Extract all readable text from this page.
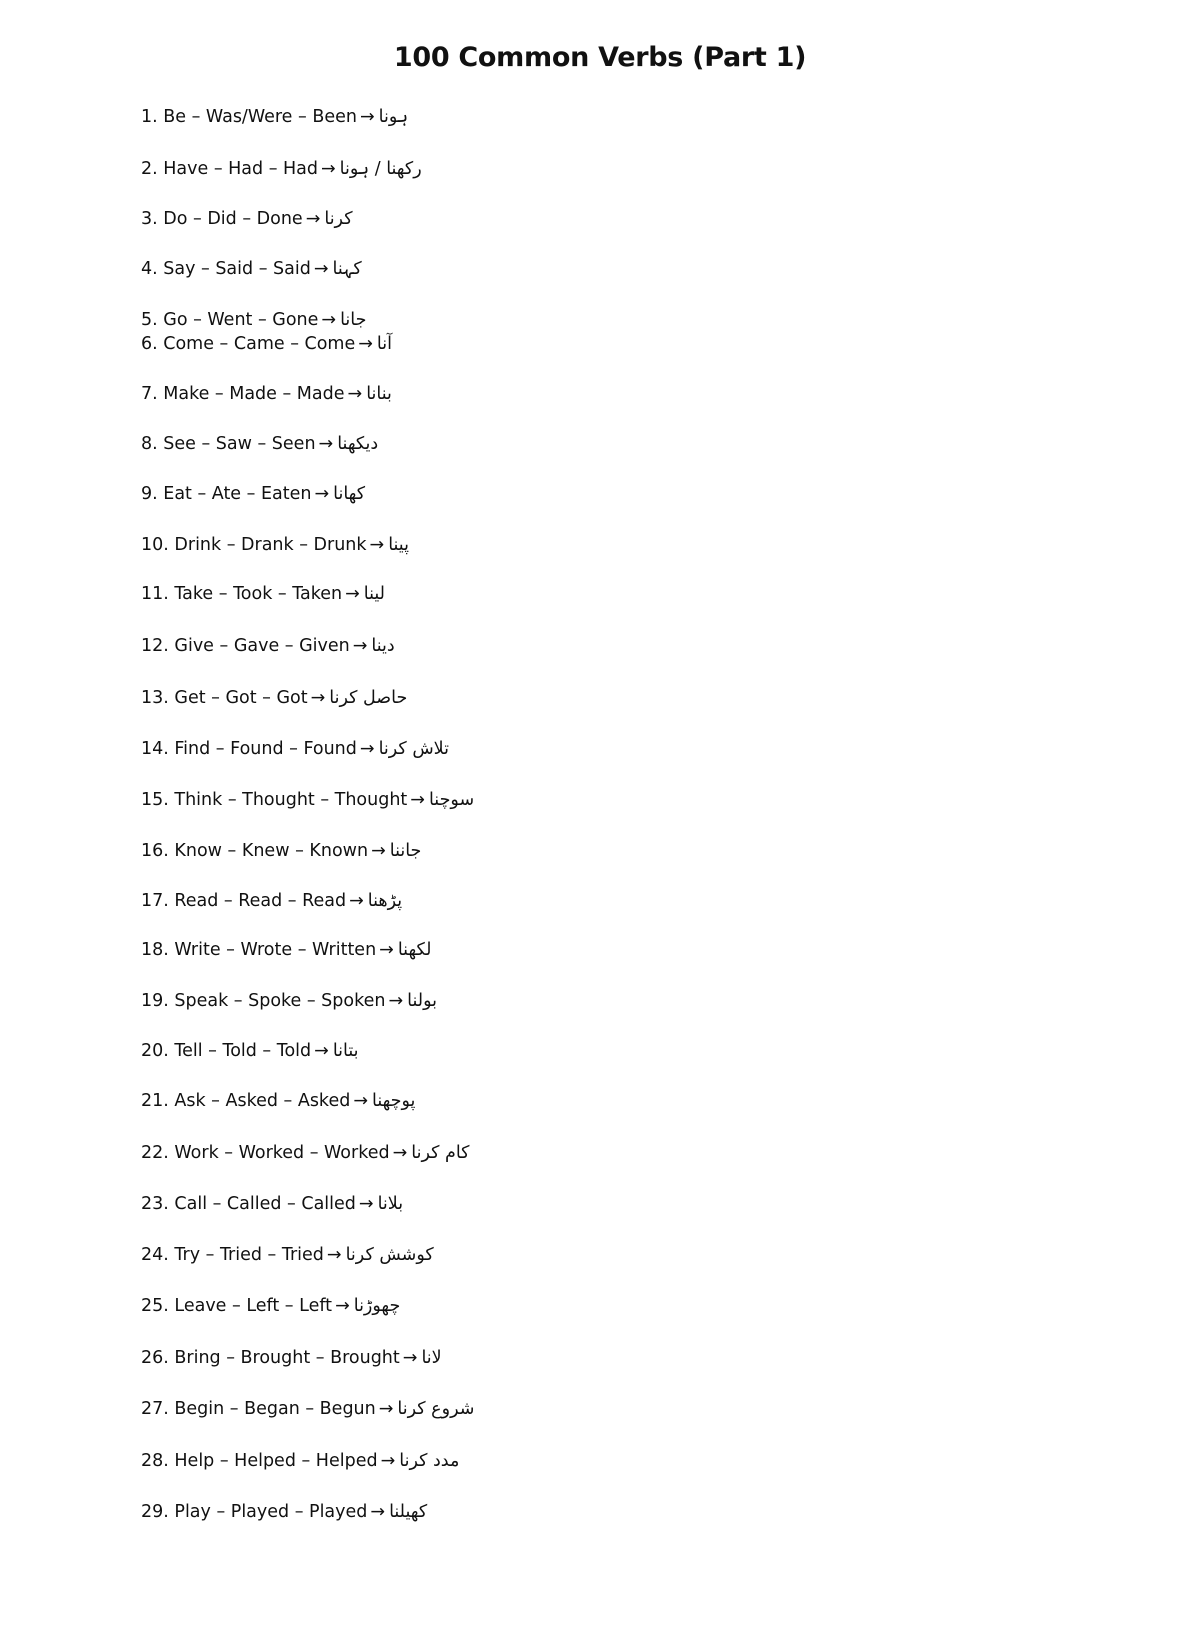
100 Common Verbs (Part 1)
1. Be – Was/Were – Been → ہونا
2. Have – Had – Had → رکھنا / ہونا
3. Do – Did – Done → کرنا
4. Say – Said – Said → کہنا
5. Go – Went – Gone → جانا
6. Come – Came – Come → آنا
7. Make – Made – Made → بنانا
8. See – Saw – Seen → دیکھنا
9. Eat – Ate – Eaten → کھانا
10. Drink – Drank – Drunk → پینا
11. Take – Took – Taken → لینا
12. Give – Gave – Given → دینا
13. Get – Got – Got → حاصل کرنا
14. Find – Found – Found → تلاش کرنا
15. Think – Thought – Thought → سوچنا
16. Know – Knew – Known → جاننا
17. Read – Read – Read → پڑھنا
18. Write – Wrote – Written → لکھنا
19. Speak – Spoke – Spoken → بولنا
20. Tell – Told – Told → بتانا
21. Ask – Asked – Asked → پوچھنا
22. Work – Worked – Worked → کام کرنا
23. Call – Called – Called → بلانا
24. Try – Tried – Tried → کوشش کرنا
25. Leave – Left – Left → چھوڑنا
26. Bring – Brought – Brought → لانا
27. Begin – Began – Begun → شروع کرنا
28. Help – Helped – Helped → مدد کرنا
29. Play – Played – Played → کھیلنا
